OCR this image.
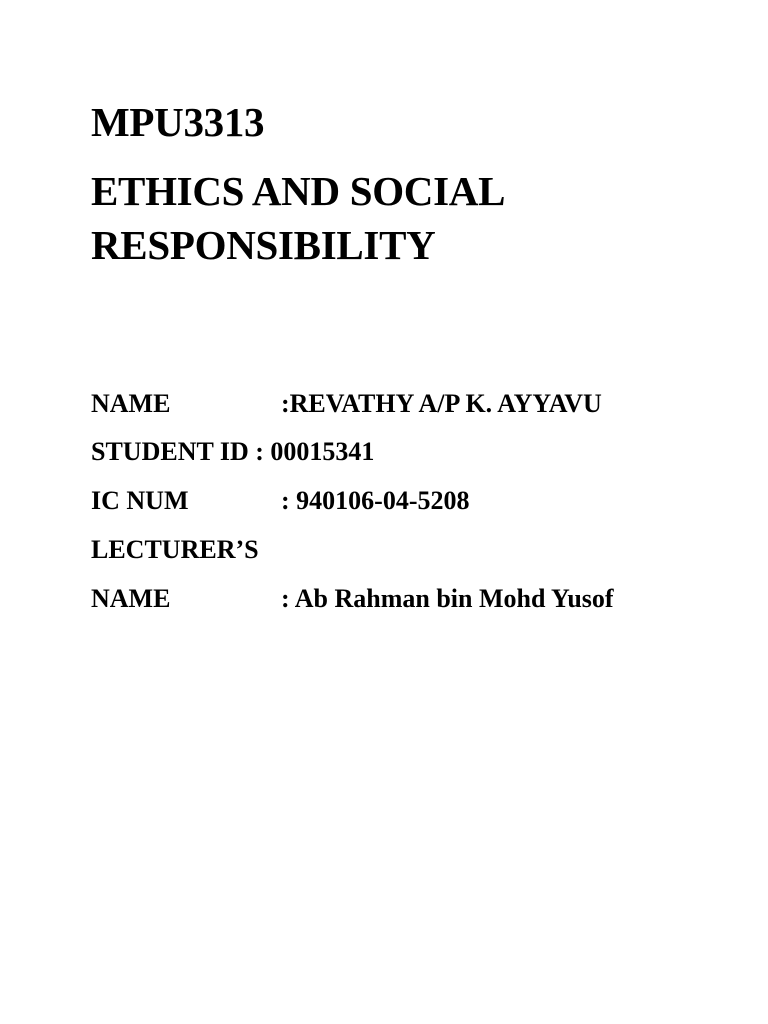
MPU3313
ETHICS AND SOCIAL
RESPONSIBILITY
NAME	:REVATHY A/P K. AYYAVU
STUDENT ID : 00015341
IC NUM	: 940106-04-5208
LECTURER’S
NAME	: Ab Rahman bin Mohd Yusof
